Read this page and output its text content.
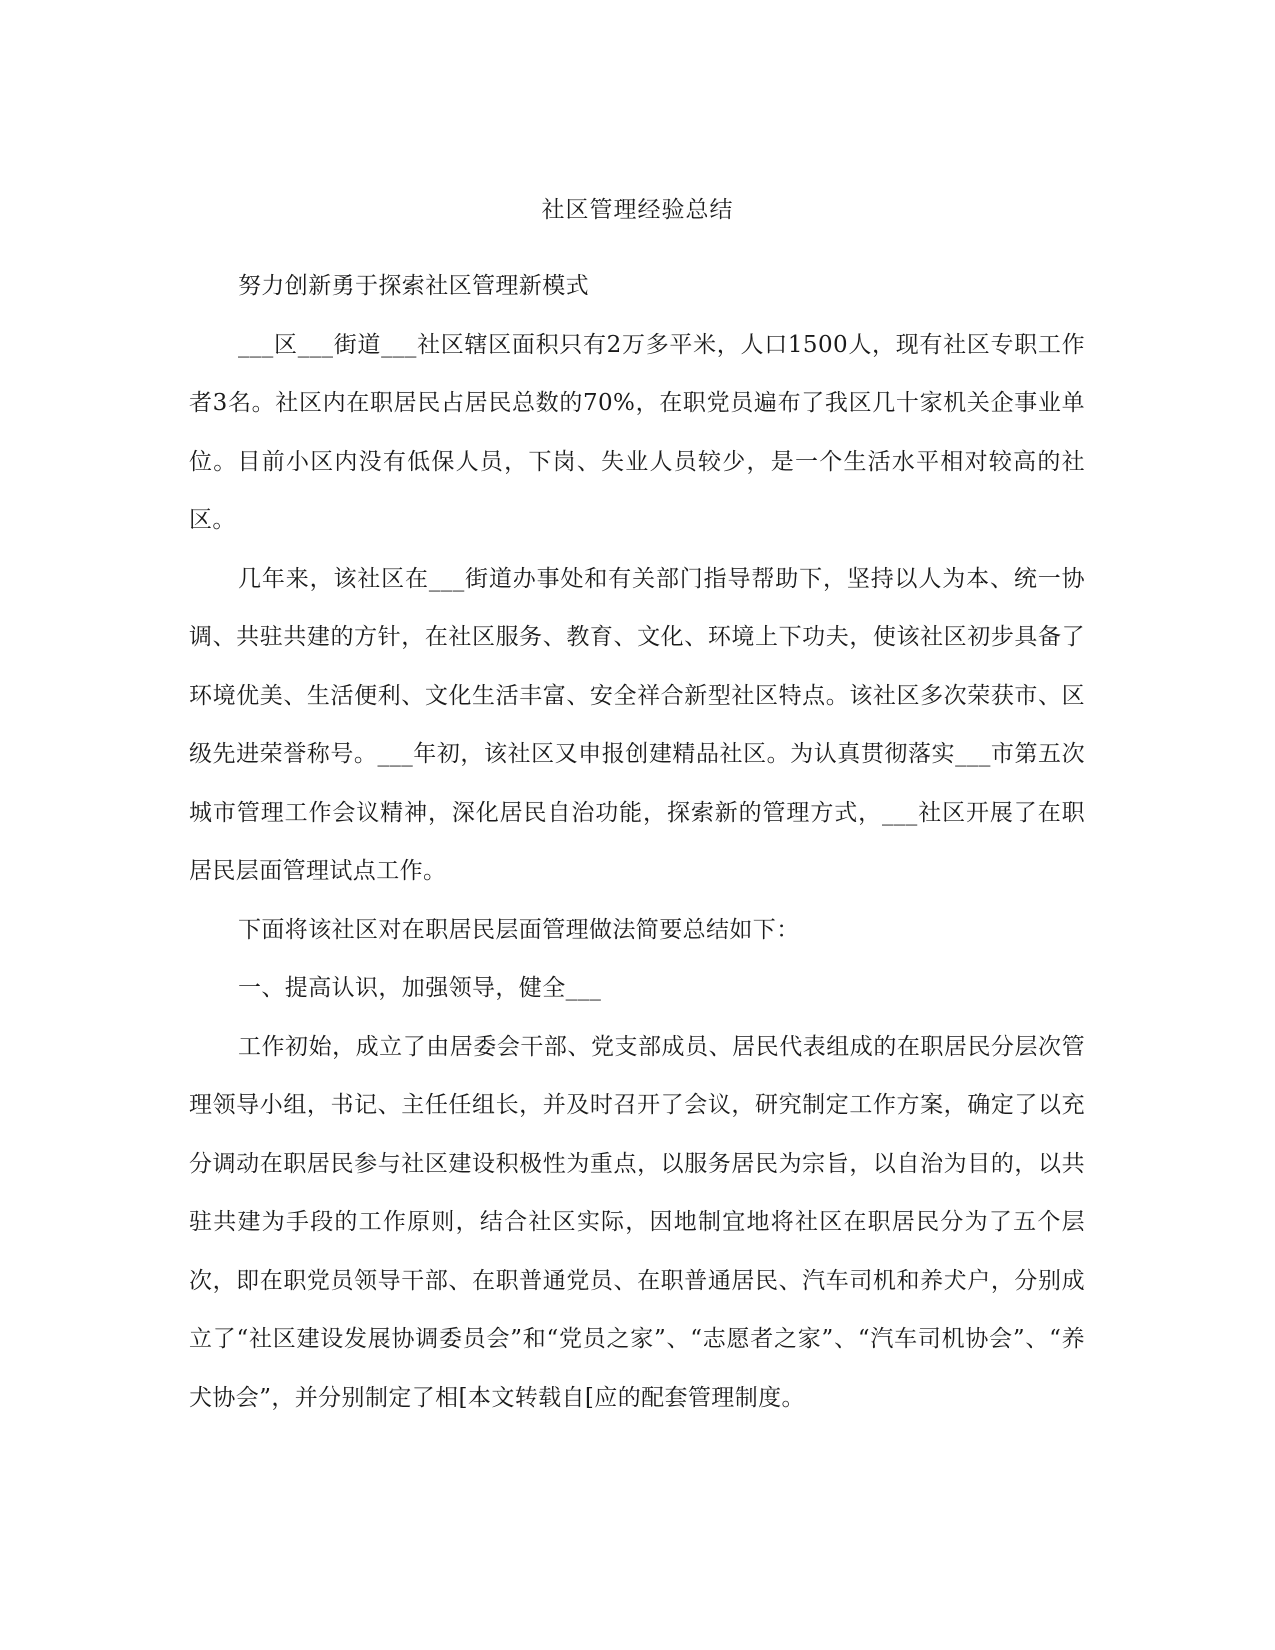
社区管理经验总结

努力创新勇于探索社区管理新模式

___区___街道___社区辖区面积只有2万多平米，人口1500人，现有社区专职工作者3名。社区内在职居民占居民总数的70%，在职党员遍布了我区几十家机关企事业单位。目前小区内没有低保人员，下岗、失业人员较少，是一个生活水平相对较高的社区。

几年来，该社区在___街道办事处和有关部门指导帮助下，坚持以人为本、统一协调、共驻共建的方针，在社区服务、教育、文化、环境上下功夫，使该社区初步具备了环境优美、生活便利、文化生活丰富、安全祥合新型社区特点。该社区多次荣获市、区级先进荣誉称号。___年初，该社区又申报创建精品社区。为认真贯彻落实___市第五次城市管理工作会议精神，深化居民自治功能，探索新的管理方式，___社区开展了在职居民层面管理试点工作。

下面将该社区对在职居民层面管理做法简要总结如下：

一、提高认识，加强领导，健全___

工作初始，成立了由居委会干部、党支部成员、居民代表组成的在职居民分层次管理领导小组，书记、主任任组长，并及时召开了会议，研究制定工作方案，确定了以充分调动在职居民参与社区建设积极性为重点，以服务居民为宗旨，以自治为目的，以共驻共建为手段的工作原则，结合社区实际，因地制宜地将社区在职居民分为了五个层次，即在职党员领导干部、在职普通党员、在职普通居民、汽车司机和养犬户，分别成立了“社区建设发展协调委员会”和“党员之家”、“志愿者之家”、“汽车司机协会”、“养犬协会”，并分别制定了相[本文转载自[应的配套管理制度。
